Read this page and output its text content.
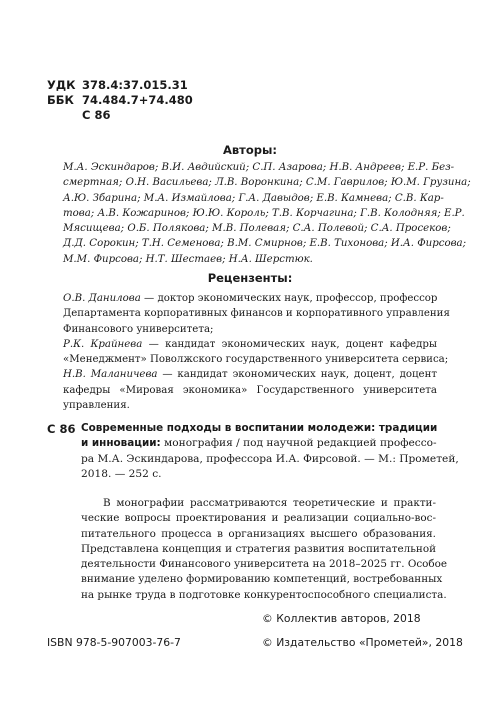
УДК 378.4:37.015.31
ББК 74.484.7+74.480
С 86
Авторы:
М.А. Эскиндаров; В.И. Авдийский; С.П. Азарова; Н.В. Андреев; Е.Р. Без-
смертная; О.Н. Васильева; Л.В. Воронкина; С.М. Гаврилов; Ю.М. Грузина;
А.Ю. Збарина; М.А. Измайлова; Г.А. Давыдов; Е.В. Камнева; С.В. Кар-
това; А.В. Кожаринов; Ю.Ю. Король; Т.В. Корчагина; Г.В. Колодняя; Е.Р.
Мясищева; О.Б. Полякова; М.В. Полевая; С.А. Полевой; С.А. Просеков;
Д.Д. Сорокин; Т.Н. Семенова; В.М. Смирнов; Е.В. Тихонова; И.А. Фирсова;
М.М. Фирсова; Н.Т. Шестаев; Н.А. Шерстюк.
Рецензенты:
О.В. Данилова — доктор экономических наук, профессор, профессор
Департамента корпоративных финансов и корпоративного управления
Финансового университета;
Р.К. Крайнева — кандидат экономических наук, доцент кафедры
«Менеджмент» Поволжского государственного университета сервиса;
Н.В. Маланичева — кандидат экономических наук, доцент, доцент
кафедры «Мировая экономика» Государственного университета
управления.
С 86 Современные подходы в воспитании молодежи: традиции
и инновации: монография / под научной редакцией профессо-
ра М.А. Эскиндарова, профессора И.А. Фирсовой. — М.: Прометей,
2018. — 252 с.
В монографии рассматриваются теоретические и практи-
ческие вопросы проектирования и реализации социально-вос-
питательного процесса в организациях высшего образования.
Представлена концепция и стратегия развития воспитательной
деятельности Финансового университета на 2018–2025 гг. Особое
внимание уделено формированию компетенций, востребованных
на рынке труда в подготовке конкурентоспособного специалиста.
© Коллектив авторов, 2018
ISBN 978-5-907003-76-7	© Издательство «Прометей», 2018
